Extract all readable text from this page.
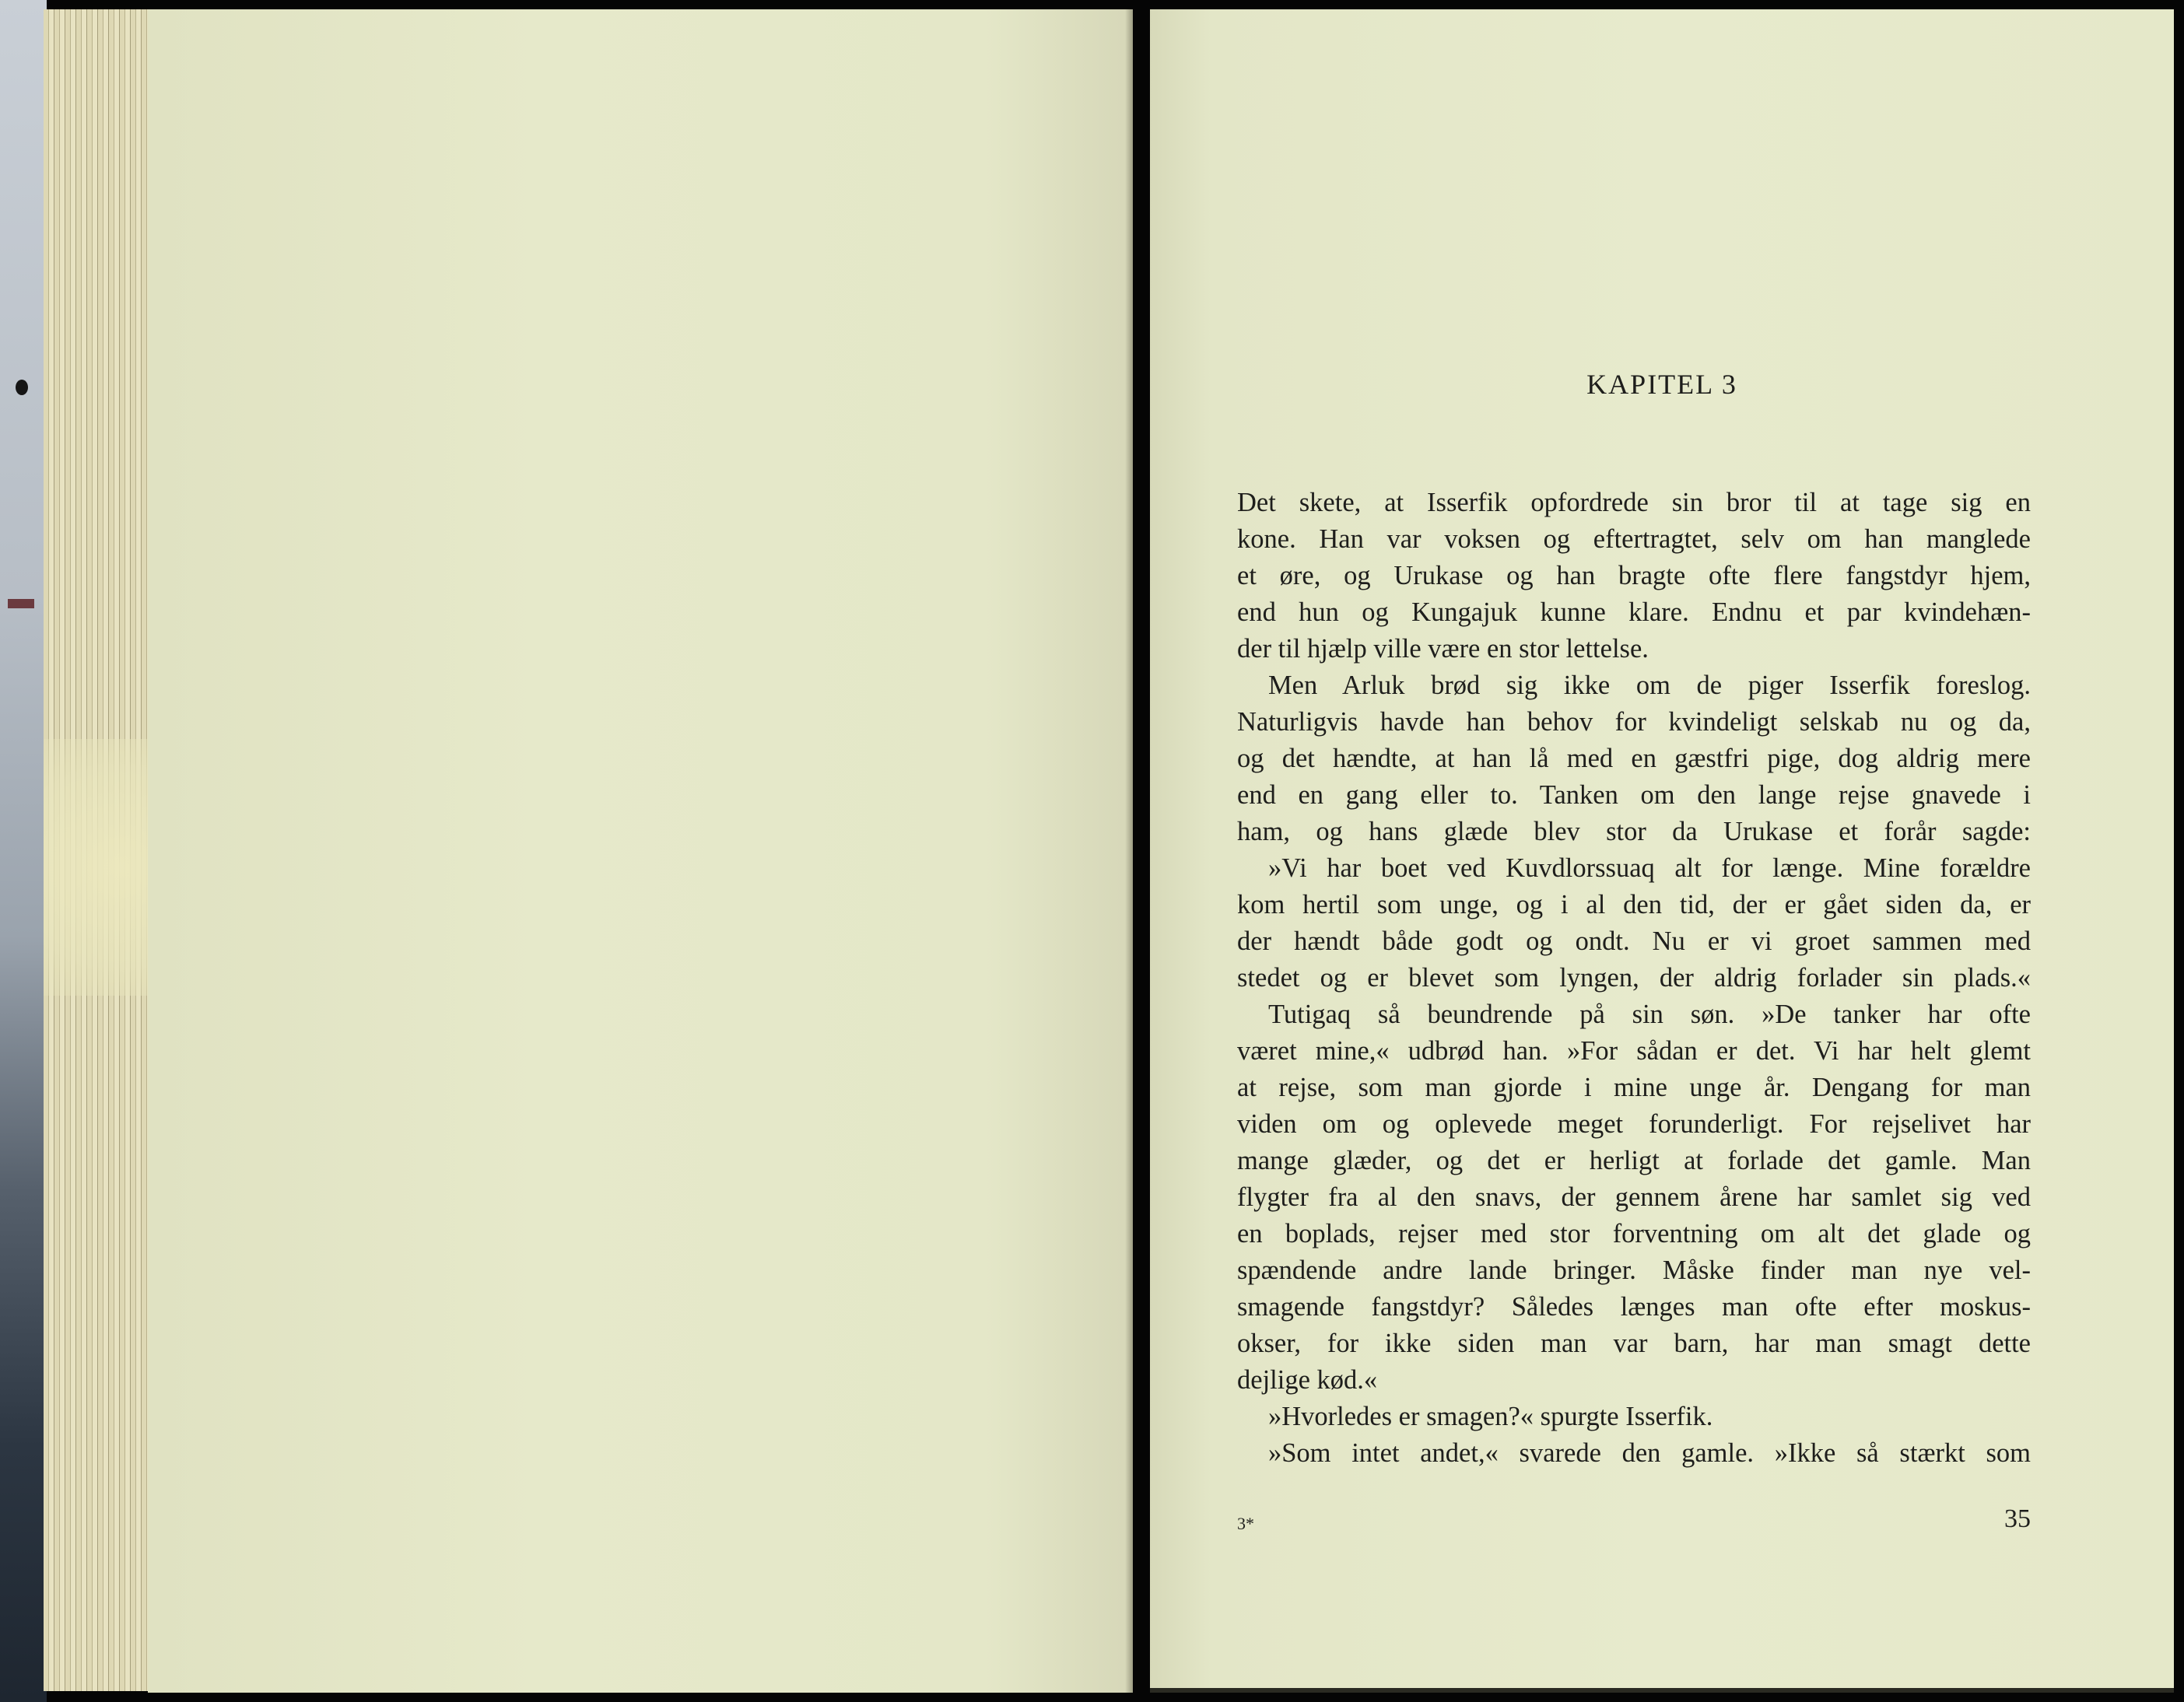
KAPITEL 3
Det skete, at Isserfik opfordrede sin bror til at tage sig en
kone. Han var voksen og eftertragtet, selv om han manglede
et øre, og Urukase og han bragte ofte flere fangstdyr hjem,
end hun og Kungajuk kunne klare. Endnu et par kvindehæn-
der til hjælp ville være en stor lettelse.
Men Arluk brød sig ikke om de piger Isserfik foreslog.
Naturligvis havde han behov for kvindeligt selskab nu og da,
og det hændte, at han lå med en gæstfri pige, dog aldrig mere
end en gang eller to. Tanken om den lange rejse gnavede i
ham, og hans glæde blev stor da Urukase et forår sagde:
»Vi har boet ved Kuvdlorssuaq alt for længe. Mine forældre
kom hertil som unge, og i al den tid, der er gået siden da, er
der hændt både godt og ondt. Nu er vi groet sammen med
stedet og er blevet som lyngen, der aldrig forlader sin plads.«
Tutigaq så beundrende på sin søn. »De tanker har ofte
været mine,« udbrød han. »For sådan er det. Vi har helt glemt
at rejse, som man gjorde i mine unge år. Dengang for man
viden om og oplevede meget forunderligt. For rejselivet har
mange glæder, og det er herligt at forlade det gamle. Man
flygter fra al den snavs, der gennem årene har samlet sig ved
en boplads, rejser med stor forventning om alt det glade og
spændende andre lande bringer. Måske finder man nye vel-
smagende fangstdyr? Således længes man ofte efter moskus-
okser, for ikke siden man var barn, har man smagt dette
dejlige kød.«
»Hvorledes er smagen?« spurgte Isserfik.
»Som intet andet,« svarede den gamle. »Ikke så stærkt som
3*	35
